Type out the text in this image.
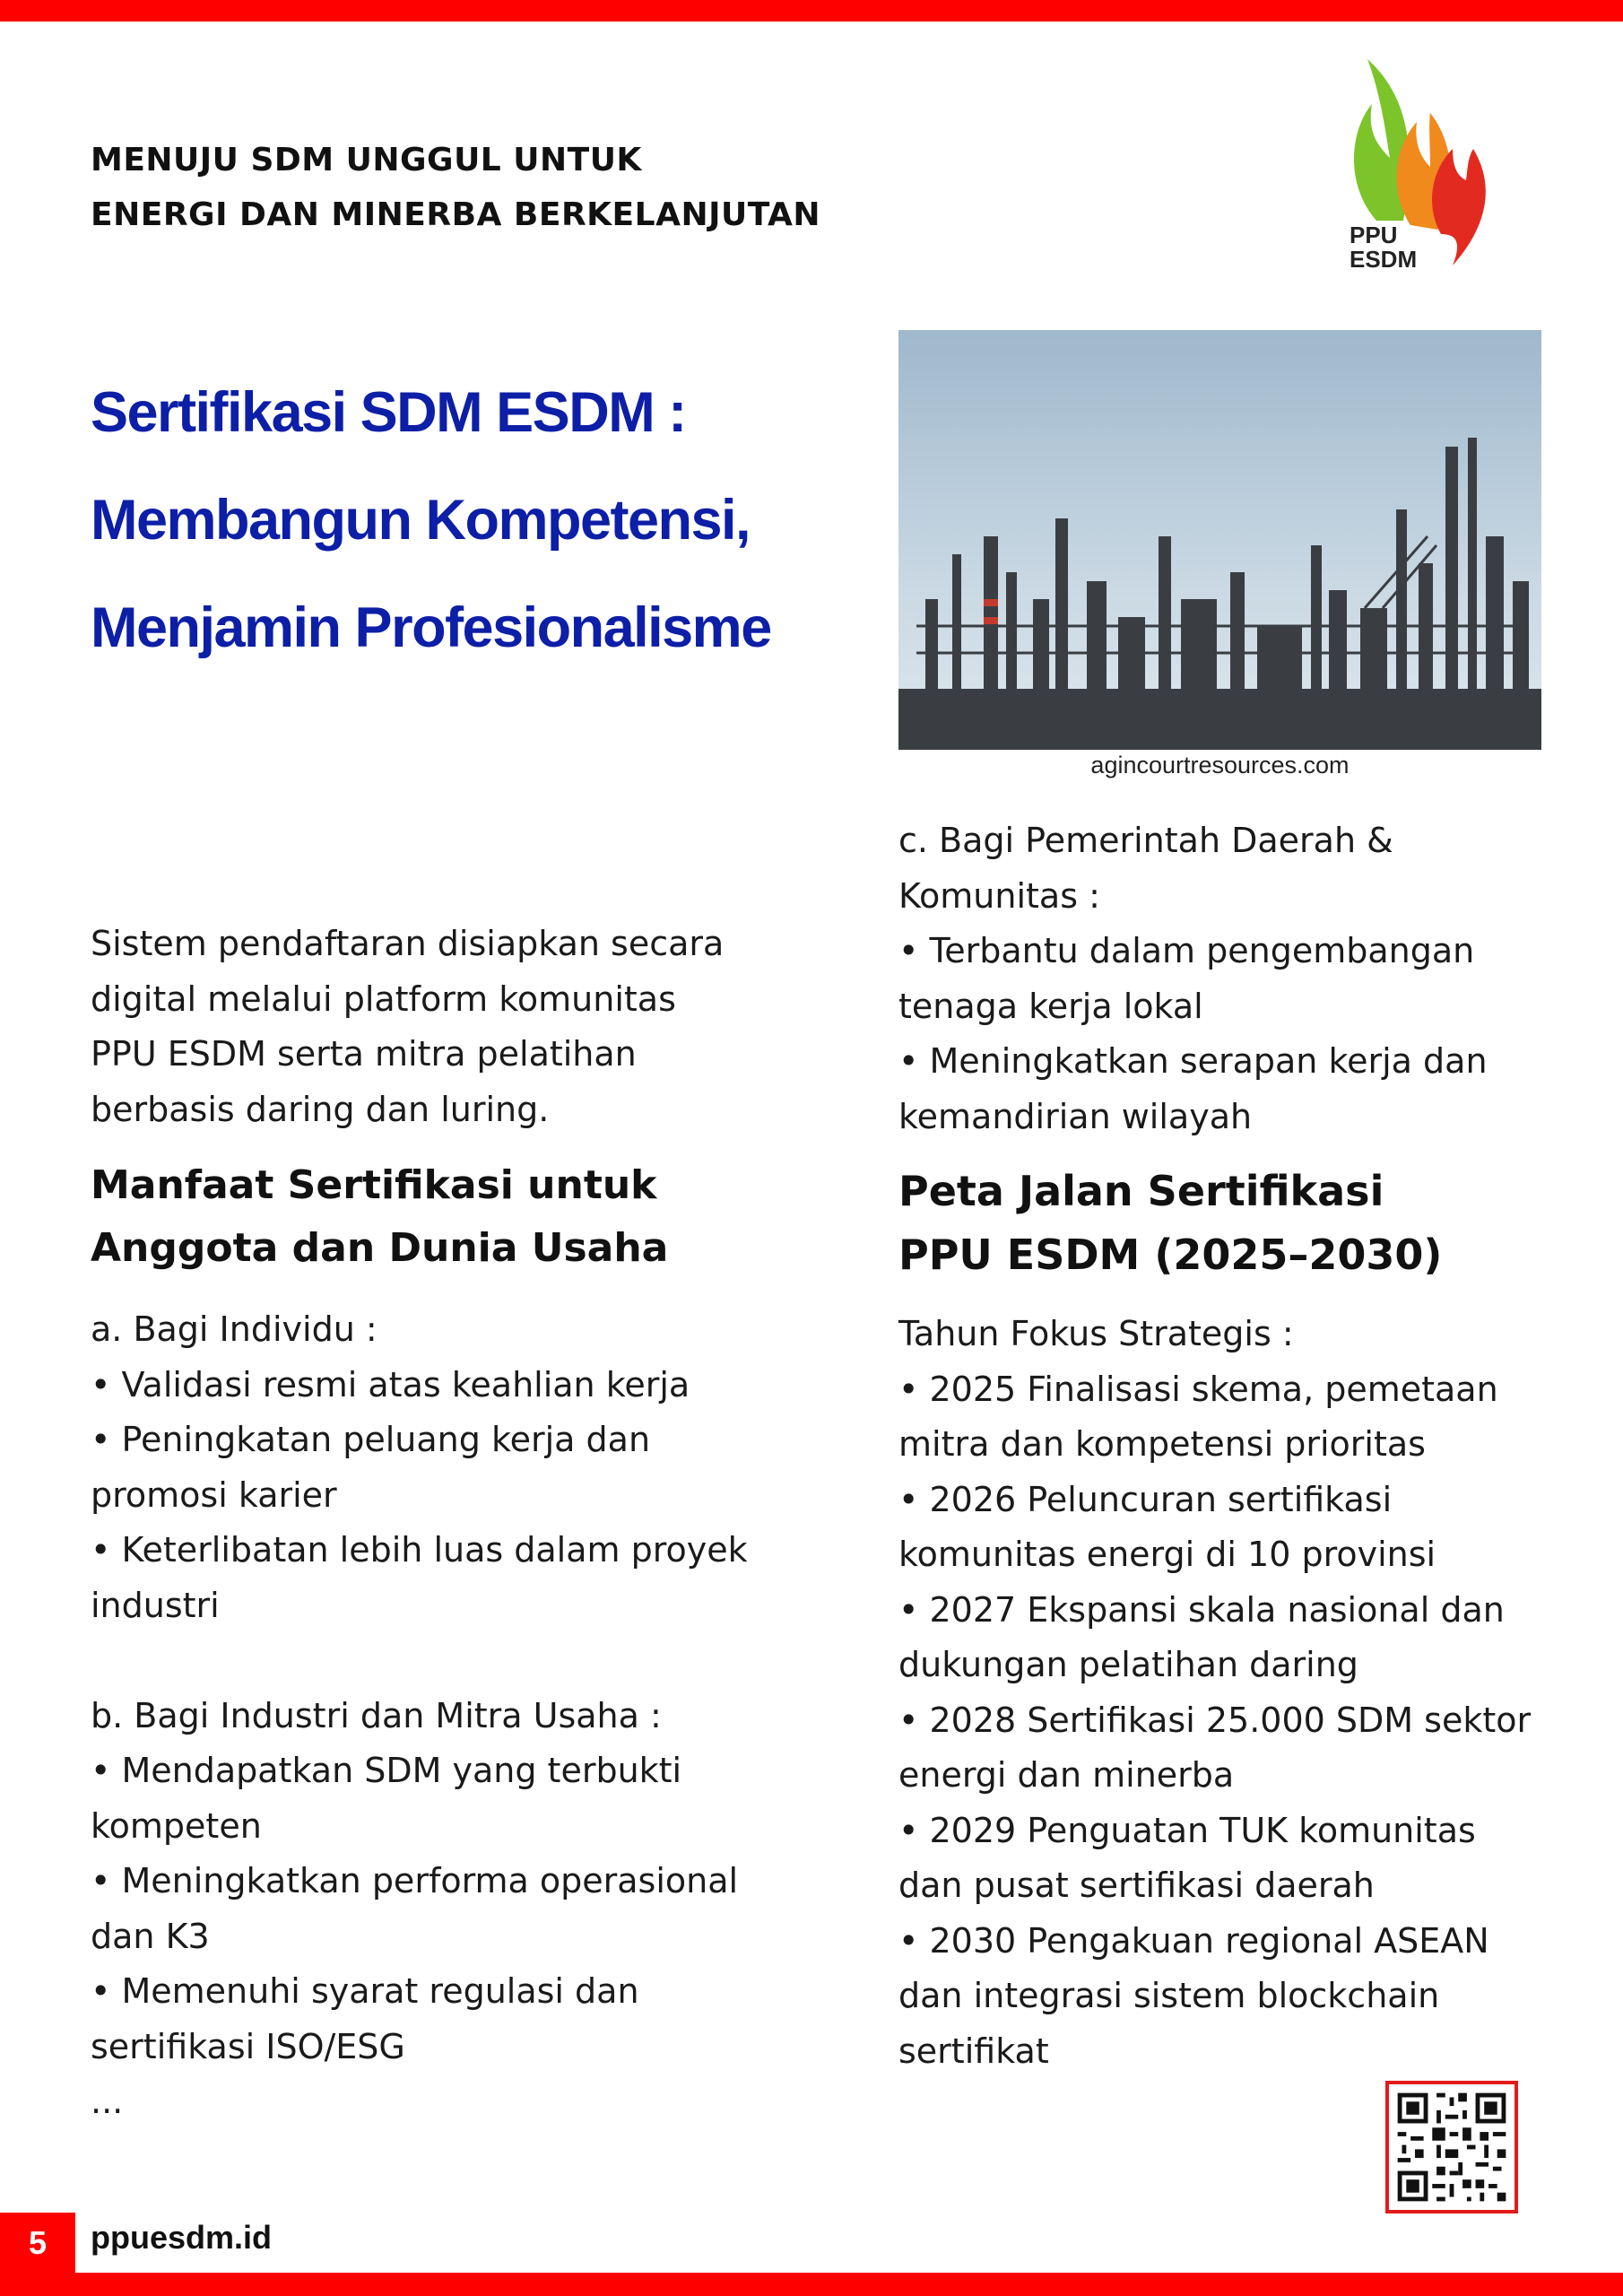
MENUJU SDM UNGGUL UNTUK
ENERGI DAN MINERBA BERKELANJUTAN
PPU
ESDM
Sertifikasi SDM ESDM :
Membangun Kompetensi,
Menjamin Profesionalisme
agincourtresources.com

Sistem pendaftaran disiapkan secara

digital melalui platform komunitas

PPU ESDM serta mitra pelatihan

berbasis daring dan luring.

Manfaat Sertifikasi untuk
Anggota dan Dunia Usaha

a. Bagi Individu :

• Validasi resmi atas keahlian kerja

• Peningkatan peluang kerja dan

promosi karier

• Keterlibatan lebih luas dalam proyek

industri

b. Bagi Industri dan Mitra Usaha :

• Mendapatkan SDM yang terbukti

kompeten

• Meningkatkan performa operasional

dan K3

• Memenuhi syarat regulasi dan

sertifikasi ISO/ESG

...

c. Bagi Pemerintah Daerah &

Komunitas :

• Terbantu dalam pengembangan

tenaga kerja lokal

• Meningkatkan serapan kerja dan

kemandirian wilayah

Peta Jalan Sertifikasi
PPU ESDM (2025–2030)

Tahun Fokus Strategis :

• 2025 Finalisasi skema, pemetaan

mitra dan kompetensi prioritas

• 2026 Peluncuran sertifikasi

komunitas energi di 10 provinsi

• 2027 Ekspansi skala nasional dan

dukungan pelatihan daring

• 2028 Sertifikasi 25.000 SDM sektor

energi dan minerba

• 2029 Penguatan TUK komunitas

dan pusat sertifikasi daerah

• 2030 Pengakuan regional ASEAN

dan integrasi sistem blockchain

sertifikat

5	ppuesdm.id
